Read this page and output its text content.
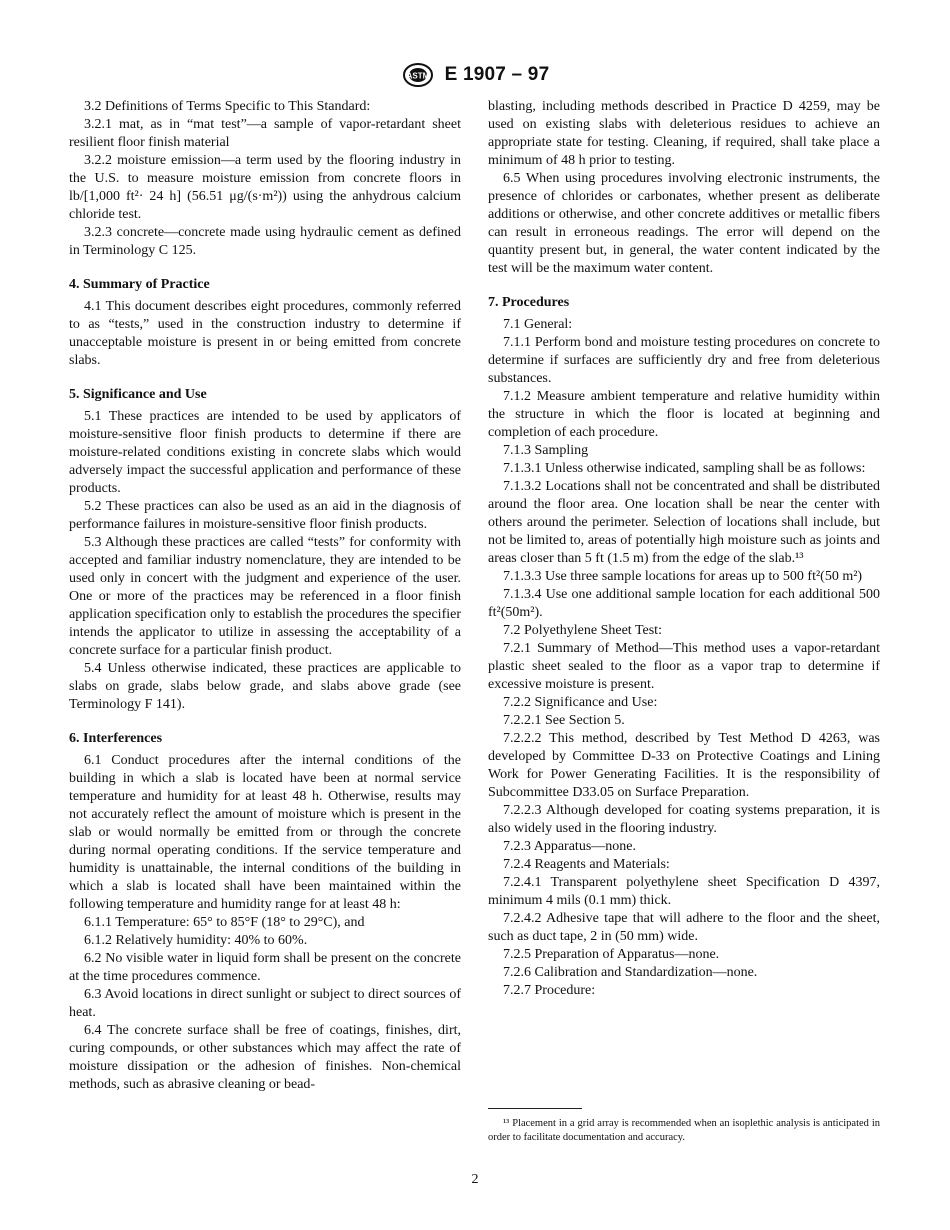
ASTM E 1907 – 97

3.2 Definitions of Terms Specific to This Standard:

3.2.1 mat, as in “mat test”—a sample of vapor-retardant sheet resilient floor finish material

3.2.2 moisture emission—a term used by the flooring industry in the U.S. to measure moisture emission from concrete floors in lb/[1,000 ft²· 24 h] (56.51 μg/(s·m²)) using the anhydrous calcium chloride test.

3.2.3 concrete—concrete made using hydraulic cement as defined in Terminology C 125.

4. Summary of Practice

4.1 This document describes eight procedures, commonly referred to as “tests,” used in the construction industry to determine if unacceptable moisture is present in or being emitted from concrete slabs.

5. Significance and Use

5.1 These practices are intended to be used by applicators of moisture-sensitive floor finish products to determine if there are moisture-related conditions existing in concrete slabs which would adversely impact the successful application and performance of these products.

5.2 These practices can also be used as an aid in the diagnosis of performance failures in moisture-sensitive floor finish products.

5.3 Although these practices are called “tests” for conformity with accepted and familiar industry nomenclature, they are intended to be used only in concert with the judgment and experience of the user. One or more of the practices may be referenced in a floor finish application specification only to establish the procedures the specifier intends the applicator to utilize in assessing the acceptability of a concrete surface for a particular finish product.

5.4 Unless otherwise indicated, these practices are applicable to slabs on grade, slabs below grade, and slabs above grade (see Terminology F 141).

6. Interferences

6.1 Conduct procedures after the internal conditions of the building in which a slab is located have been at normal service temperature and humidity for at least 48 h. Otherwise, results may not accurately reflect the amount of moisture which is present in the slab or would normally be emitted from or through the concrete during normal operating conditions. If the service temperature and humidity is unattainable, the internal conditions of the building in which a slab is located shall have been maintained within the following temperature and humidity range for at least 48 h:

6.1.1 Temperature: 65° to 85°F (18° to 29°C), and

6.1.2 Relatively humidity: 40% to 60%.

6.2 No visible water in liquid form shall be present on the concrete at the time procedures commence.

6.3 Avoid locations in direct sunlight or subject to direct sources of heat.

6.4 The concrete surface shall be free of coatings, finishes, dirt, curing compounds, or other substances which may affect the rate of moisture dissipation or the adhesion of finishes. Non-chemical methods, such as abrasive cleaning or bead-

blasting, including methods described in Practice D 4259, may be used on existing slabs with deleterious residues to achieve an appropriate state for testing. Cleaning, if required, shall take place a minimum of 48 h prior to testing.

6.5 When using procedures involving electronic instruments, the presence of chlorides or carbonates, whether present as deliberate additions or otherwise, and other concrete additives or metallic fibers can result in erroneous readings. The error will depend on the quantity present but, in general, the water content indicated by the test will be the maximum water content.

7. Procedures

7.1 General:

7.1.1 Perform bond and moisture testing procedures on concrete to determine if surfaces are sufficiently dry and free from deleterious substances.

7.1.2 Measure ambient temperature and relative humidity within the structure in which the floor is located at beginning and completion of each procedure.

7.1.3 Sampling

7.1.3.1 Unless otherwise indicated, sampling shall be as follows:

7.1.3.2 Locations shall not be concentrated and shall be distributed around the floor area. One location shall be near the center with others around the perimeter. Selection of locations shall include, but not be limited to, areas of potentially high moisture such as joints and areas closer than 5 ft (1.5 m) from the edge of the slab.¹³

7.1.3.3 Use three sample locations for areas up to 500 ft²(50 m²)

7.1.3.4 Use one additional sample location for each additional 500 ft²(50m²).

7.2 Polyethylene Sheet Test:

7.2.1 Summary of Method—This method uses a vapor-retardant plastic sheet sealed to the floor as a vapor trap to determine if excessive moisture is present.

7.2.2 Significance and Use:

7.2.2.1 See Section 5.

7.2.2.2 This method, described by Test Method D 4263, was developed by Committee D-33 on Protective Coatings and Lining Work for Power Generating Facilities. It is the responsibility of Subcommittee D33.05 on Surface Preparation.

7.2.2.3 Although developed for coating systems preparation, it is also widely used in the flooring industry.

7.2.3 Apparatus—none.

7.2.4 Reagents and Materials:

7.2.4.1 Transparent polyethylene sheet Specification D 4397, minimum 4 mils (0.1 mm) thick.

7.2.4.2 Adhesive tape that will adhere to the floor and the sheet, such as duct tape, 2 in (50 mm) wide.

7.2.5 Preparation of Apparatus—none.

7.2.6 Calibration and Standardization—none.

7.2.7 Procedure:

¹³ Placement in a grid array is recommended when an isoplethic analysis is anticipated in order to facilitate documentation and accuracy.

2
